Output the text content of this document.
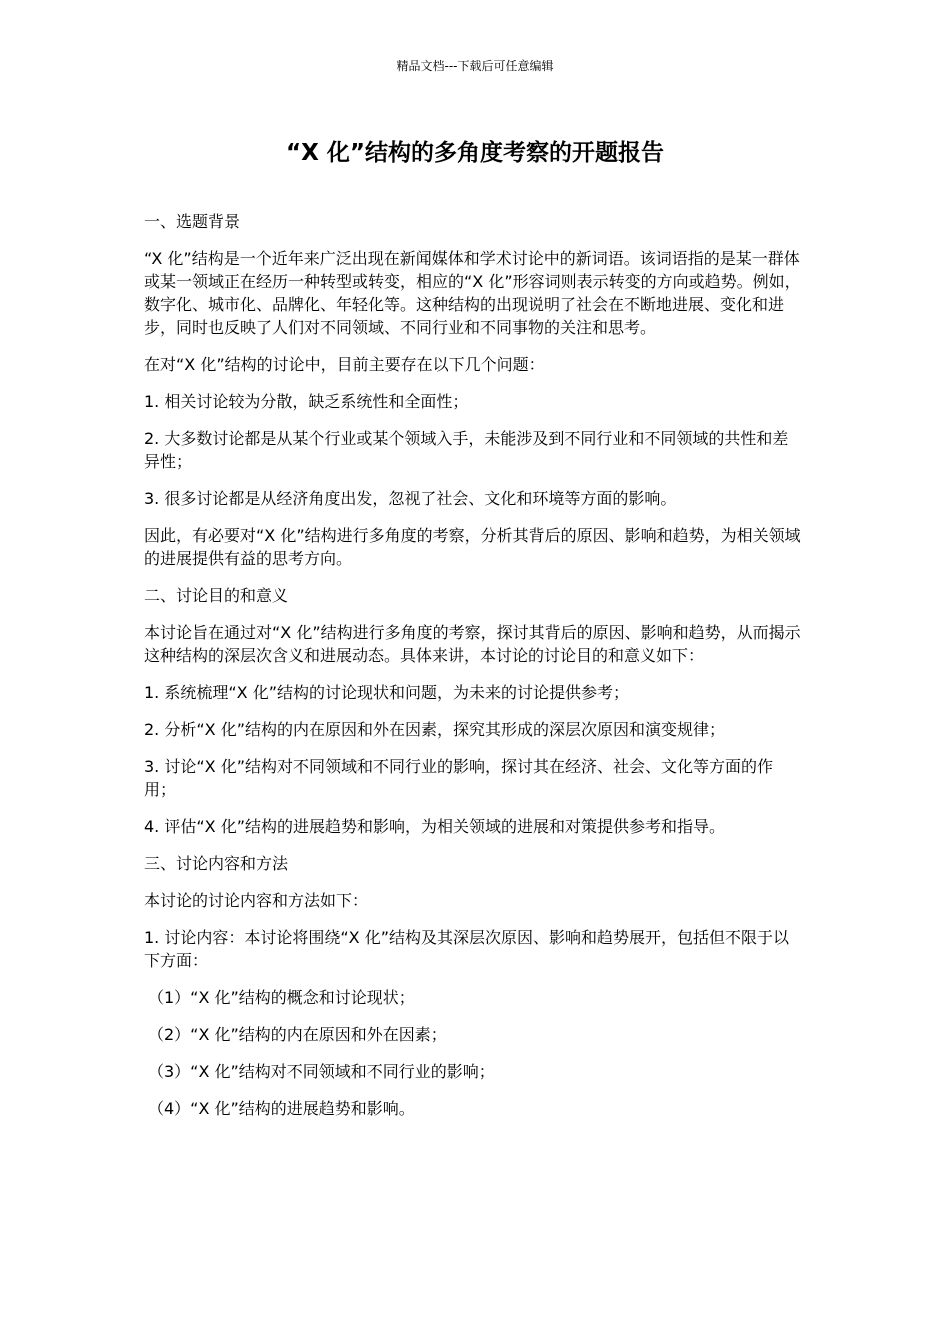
精品文档---下载后可任意编辑
“X 化”结构的多角度考察的开题报告

一、选题背景

“X 化”结构是一个近年来广泛出现在新闻媒体和学术讨论中的新词语。该词语指的是某一群体或某一领域正在经历一种转型或转变，相应的“X 化”形容词则表示转变的方向或趋势。例如，数字化、城市化、品牌化、年轻化等。这种结构的出现说明了社会在不断地进展、变化和进步，同时也反映了人们对不同领域、不同行业和不同事物的关注和思考。

在对“X 化”结构的讨论中，目前主要存在以下几个问题：

1. 相关讨论较为分散，缺乏系统性和全面性；

2. 大多数讨论都是从某个行业或某个领域入手，未能涉及到不同行业和不同领域的共性和差异性；

3. 很多讨论都是从经济角度出发，忽视了社会、文化和环境等方面的影响。

因此，有必要对“X 化”结构进行多角度的考察，分析其背后的原因、影响和趋势，为相关领域的进展提供有益的思考方向。

二、讨论目的和意义

本讨论旨在通过对“X 化”结构进行多角度的考察，探讨其背后的原因、影响和趋势，从而揭示这种结构的深层次含义和进展动态。具体来讲，本讨论的讨论目的和意义如下：

1. 系统梳理“X 化”结构的讨论现状和问题，为未来的讨论提供参考；

2. 分析“X 化”结构的内在原因和外在因素，探究其形成的深层次原因和演变规律；

3. 讨论“X 化”结构对不同领域和不同行业的影响，探讨其在经济、社会、文化等方面的作用；

4. 评估“X 化”结构的进展趋势和影响，为相关领域的进展和对策提供参考和指导。

三、讨论内容和方法

本讨论的讨论内容和方法如下：

1. 讨论内容：本讨论将围绕“X 化”结构及其深层次原因、影响和趋势展开，包括但不限于以下方面：

（1）“X 化”结构的概念和讨论现状；

（2）“X 化”结构的内在原因和外在因素；

（3）“X 化”结构对不同领域和不同行业的影响；

（4）“X 化”结构的进展趋势和影响。
